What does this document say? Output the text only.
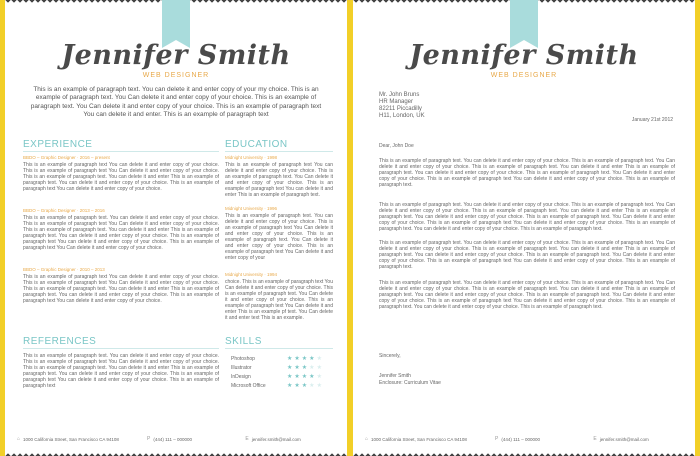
Jennifer Smith
WEB DESIGNER
This is an example of paragraph text. You can delete it and enter copy of your my choice. This is an example of paragraph text. You Can delete it and enter copy of your choice. This is an example of paragraph text. You Can delete it and enter copy of your choice. This is an example of paragraph text You can delete it and enter. This is an example of paragraph text
EXPERIENCE
BBDO – Graphic Designer · 2016 – present
This is an example of paragraph text You can delete it and enter copy of your choice. This is an example of paragraph text You Can delete it and enter copy of your choice. This is an example of paragraph text. You can delete it and enter This is an example of paragraph text. You can delete it and enter copy of your choice. This is an example of paragraph text You can delete it and enter copy of your choice.
BBDO – Graphic Designer · 2013 – 2016
This is an example of paragraph text. You can delete it and enter copy of your choice. This is an example of paragraph text You Can delete it and enter copy of your choice. This is an example of paragraph text. You can delete it and enter This is an example of paragraph text. You can delete it and enter copy of your choice. This is an example of paragraph text You can delete it and enter copy of your choice. This is an example of paragraph text You Can delete it and enter copy of your choice.
BBDO – Graphic Designer · 2010 – 2013
This is an example of paragraph text You can delete it and enter copy of your choice. This is an example of paragraph text You Can delete it and enter copy of your choice. This is an example of paragraph text. You can delete it and enter This is an example of paragraph text. You can delete it and enter copy of your choice. This is an example of paragraph text You can delete it and enter copy of your choice.
EDUCATION
Midnight University · 1998
This is an example of paragraph text You can delete it and enter copy of your choice. This is an example of paragraph text. You Can delete it and enter copy of your choice. This is an example of paragraph text You can delete it and enter This is an example of paragraph text.
Midnight University · 1996
This is an example of paragraph text. You can delete it and enter copy of your choice. This is an example of paragraph text You Can delete it and enter copy of your choice. This is an example of paragraph text. You Can delete it and enter copy of your choice. This is an example of paragraph text You Can delete it and enter copy of your
Midnight University · 1994
choice. This is an example of paragraph text You Can delete it and enter copy of your choice. This is an example of paragraph text. You Can delete it and enter copy of your choice. This is an example of paragraph text You Can delete it and enter This is an example pf text. You Can delete it and enter text This is an example.
REFERENCES
This is an example of paragraph text. You can delete it and enter copy of your choice. This is an example of paragraph text You Can delete it and enter copy of your choice. This is an example of paragraph text. You can delete it and enter This is an example of paragraph text. You can delete it and enter copy of your choice. This is an example of paragraph text You can delete it and enter copy of your choice. This is an example of paragraph text
SKILLS
Photoshop	★ ★ ★ ★ ★
Illustrator	★ ★ ★ ★ ★
InDesign	★ ★ ★ ★ ★
Microsoft Office	★ ★ ★ ★ ★
⌂ 1000 California Street, San Francisco CA 94108	P (444) 111 – 000000	E jennifer.smith@mail.com
Jennifer Smith
WEB DESIGNER
Mr. John Bruns
HR Manager
82211 Piccadilly
H11, London, UK
January 21st 2012
Dear, John Doe
This is an example of paragraph text. You can delete it and enter copy of your choice. This is an example of paragraph text. You Can delete it and enter copy of your choice. This is an example of paragraph text. You can delete it and enter This is an example of paragraph text. You can delete it and enter copy of your choice. This is an example of paragraph text. You Can delete it and enter copy of your choice. This is an example of paragraph text You can delete it and enter copy of your choice. This is an example of paragraph text.
This is an example of paragraph text. You can delete it and enter copy of your choice. This is an example of paragraph text. You Can delete it and enter copy of your choice. This is an example of paragraph text. You can delete it and enter This is an example of paragraph text. You can delete it and enter copy of your choice. This is an example of paragraph text. You Can delete it and enter copy of your choice. This is an example of paragraph text You can delete it and enter copy of your choice. This is an example of paragraph text. You can delete it and enter copy of your choice. This is an example of paragraph text.
This is an example of paragraph text. You can delete it and enter copy of your choice. This is an example of paragraph text. You Can delete it and enter copy of your choice. This is an example of paragraph text. You can delete it and enter This is an example of paragraph text. You can delete it and enter copy of your choice. This is an example of paragraph text. You Can delete it and enter copy of your choice. This is an example of paragraph text You can delete it and enter copy of your choice. This is an example of paragraph text.
This is an example of paragraph text. You can delete it and enter copy of your choice. This is an example of paragraph text. You Can delete it and enter copy of your choice. This is an example of paragraph text. You can delete it and enter This is an example of paragraph text. You can delete it and enter copy of your choice. This is an example of paragraph text. You Can delete it and enter copy of your choice. This is an example of paragraph text You can delete it and enter copy of your choice. This is an example of paragraph text. You can delete it and enter copy of your choice. This is an example of paragraph text.
Sincerely,
Jennifer Smith
Enclosure: Curriculum Vitae
⌂ 1000 California Street, San Francisco CA 94108	P (444) 111 – 000000	E jennifer.smith@mail.com
